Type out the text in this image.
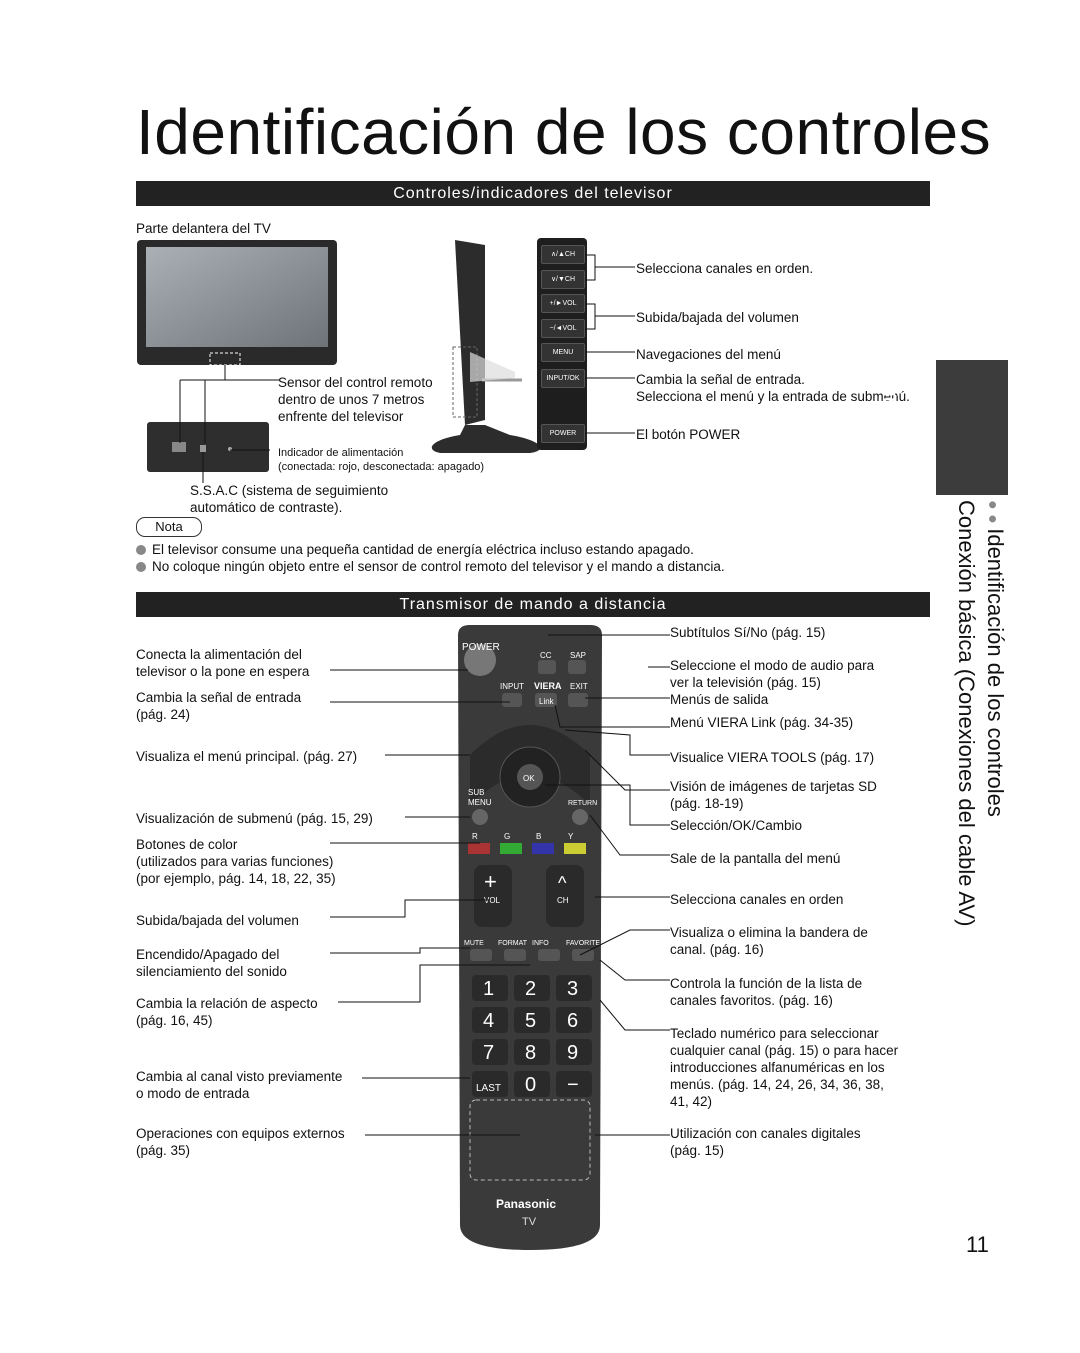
Identificación de los controles
Controles/indicadores del televisor
Parte delantera del TV
Sensor del control remoto
dentro de unos 7 metros
enfrente del televisor
Indicador de alimentación
(conectada: rojo, desconectada: apagado)
S.S.A.C (sistema de seguimiento
automático de contraste).
∧/▲CH
∨/▼CH
+/►VOL
−/◄VOL
MENU
INPUT/OK
POWER
Selecciona canales en orden.
Subida/bajada del volumen
Navegaciones del menú
Cambia la señal de entrada.
Selecciona el menú y la entrada de submenú.
El botón POWER
Nota
El televisor consume una pequeña cantidad de energía eléctrica incluso estando apagado.
No coloque ningún objeto entre el sensor de control remoto del televisor y el mando a distancia.
Transmisor de mando a distancia
POWER
CC SAP
INPUT VIERA EXIT
Link
OK
SUB
MENU	RETURN
R	G	B	Y
+	^
VOL	CH
MUTE FORMAT INFO FAVORITE
1 2 3
4 5 6
7 8 9
LAST 0 −
Panasonic
TV
Conecta la alimentación del
televisor o la pone en espera
Cambia la señal de entrada
(pág. 24)
Visualiza el menú principal. (pág. 27)
Visualización de submenú (pág. 15, 29)
Botones de color
(utilizados para varias funciones)
(por ejemplo, pág. 14, 18, 22, 35)
Subida/bajada del volumen
Encendido/Apagado del
silenciamiento del sonido
Cambia la relación de aspecto
(pág. 16, 45)
Cambia al canal visto previamente
o modo de entrada
Operaciones con equipos externos
(pág. 35)
Subtítulos Sí/No (pág. 15)
Seleccione el modo de audio para
ver la televisión (pág. 15)
Menús de salida
Menú VIERA Link (pág. 34-35)
Visualice VIERA TOOLS (pág. 17)
Visión de imágenes de tarjetas SD
(pág. 18-19)
Selección/OK/Cambio
Sale de la pantalla del menú
Selecciona canales en orden
Visualiza o elimina la bandera de
canal. (pág. 16)
Controla la función de la lista de
canales favoritos. (pág. 16)
Teclado numérico para seleccionar
cualquier canal (pág. 15) o para hacer
introducciones alfanuméricas en los
menús. (pág. 14, 24, 26, 34, 36, 38,
41, 42)
Utilización con canales digitales
(pág. 15)
Guía de
inicio rápido
● ● Identificación de los controles
Conexión básica (Conexiones del cable AV)
11
